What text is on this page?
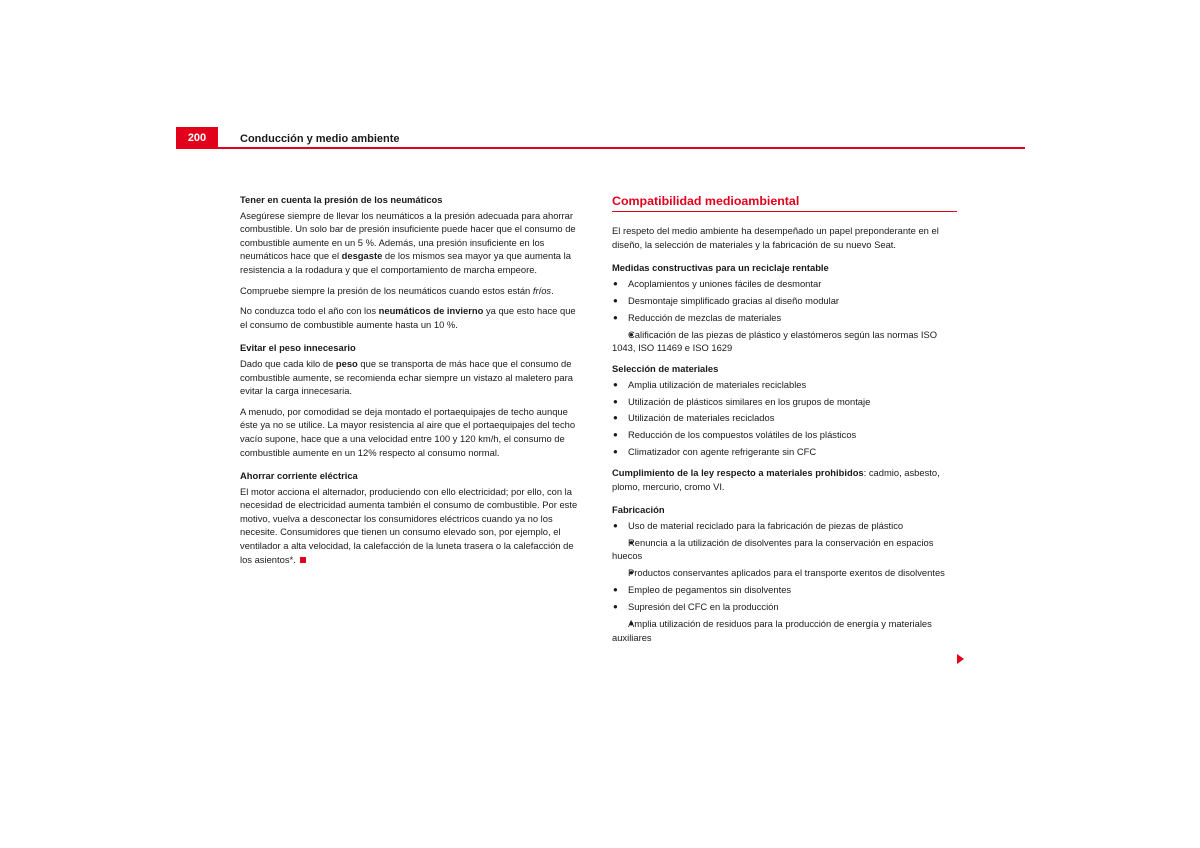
200	Conducción y medio ambiente
Tener en cuenta la presión de los neumáticos

Asegúrese siempre de llevar los neumáticos a la presión adecuada para ahorrar combustible. Un solo bar de presión insuficiente puede hacer que el consumo de combustible aumente en un 5 %. Además, una presión insuficiente en los neumáticos hace que el desgaste de los mismos sea mayor ya que aumenta la resistencia a la rodadura y que el comportamiento de marcha empeore.

Compruebe siempre la presión de los neumáticos cuando estos están fríos.

No conduzca todo el año con los neumáticos de invierno ya que esto hace que el consumo de combustible aumente hasta un 10 %.

Evitar el peso innecesario

Dado que cada kilo de peso que se transporta de más hace que el consumo de combustible aumente, se recomienda echar siempre un vistazo al maletero para evitar la carga innecesaria.

A menudo, por comodidad se deja montado el portaequipajes de techo aunque éste ya no se utilice. La mayor resistencia al aire que el portaequipajes del techo vacío supone, hace que a una velocidad entre 100 y 120 km/h, el consumo de combustible aumente en un 12% respecto al consumo normal.

Ahorrar corriente eléctrica

El motor acciona el alternador, produciendo con ello electricidad; por ello, con la necesidad de electricidad aumenta también el consumo de combustible. Por este motivo, vuelva a desconectar los consumidores eléctricos cuando ya no los necesite. Consumidores que tienen un consumo elevado son, por ejemplo, el ventilador a alta velocidad, la calefacción de la luneta trasera o la calefacción de los asientos*.

Compatibilidad medioambiental

El respeto del medio ambiente ha desempeñado un papel preponderante en el diseño, la selección de materiales y la fabricación de su nuevo Seat.

Medidas constructivas para un reciclaje rentable
● Acoplamientos y uniones fáciles de desmontar
● Desmontaje simplificado gracias al diseño modular
● Reducción de mezclas de materiales
● Calificación de las piezas de plástico y elastómeros según las normas ISO 1043, ISO 11469 e ISO 1629
Selección de materiales
● Amplia utilización de materiales reciclables
● Utilización de plásticos similares en los grupos de montaje
● Utilización de materiales reciclados
● Reducción de los compuestos volátiles de los plásticos
● Climatizador con agente refrigerante sin CFC

Cumplimiento de la ley respecto a materiales prohibidos: cadmio, asbesto, plomo, mercurio, cromo VI.

Fabricación
● Uso de material reciclado para la fabricación de piezas de plástico
● Renuncia a la utilización de disolventes para la conservación en espacios huecos
● Productos conservantes aplicados para el transporte exentos de disolventes
● Empleo de pegamentos sin disolventes
● Supresión del CFC en la producción
● Amplia utilización de residuos para la producción de energía y materiales auxiliares
